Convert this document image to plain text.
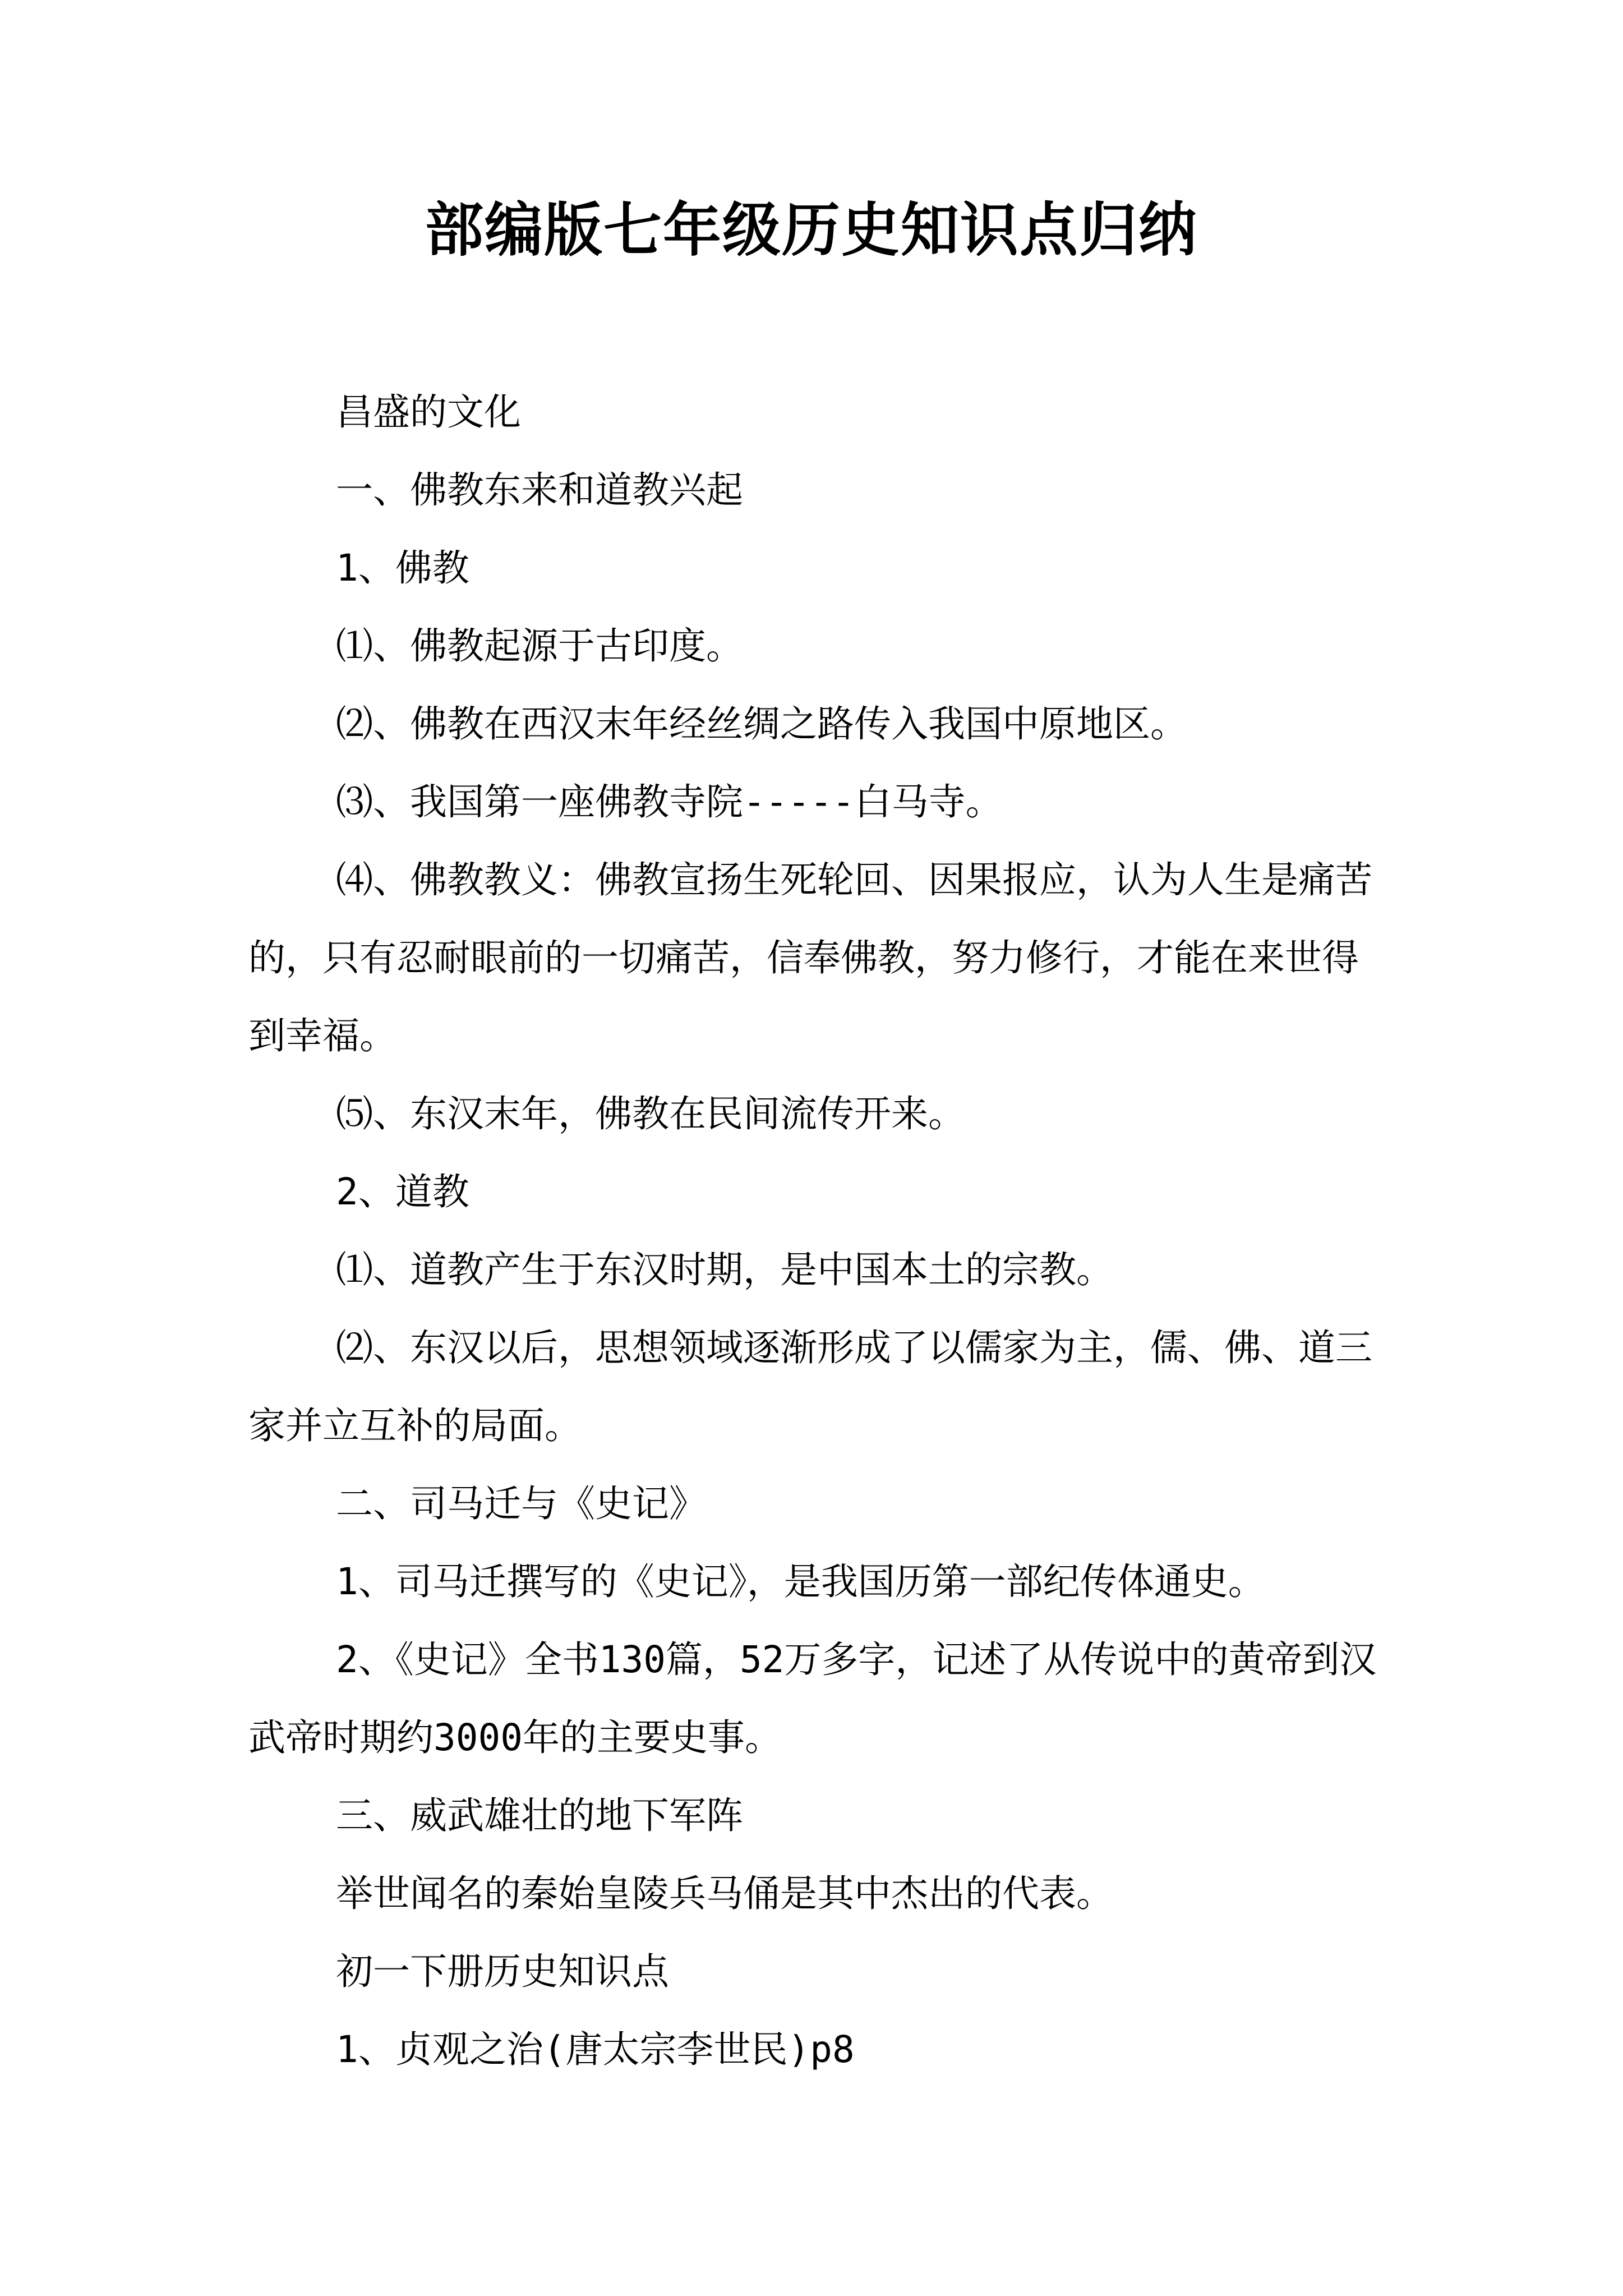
部编版七年级历史知识点归纳

昌盛的文化

一、佛教东来和道教兴起

1、佛教

⑴、佛教起源于古印度。

⑵、佛教在西汉末年经丝绸之路传入我国中原地区。

⑶、我国第一座佛教寺院-----白马寺。

⑷、佛教教义：佛教宣扬生死轮回、因果报应，认为人生是痛苦的，只有忍耐眼前的一切痛苦，信奉佛教，努力修行，才能在来世得到幸福。

⑸、东汉末年，佛教在民间流传开来。

2、道教

⑴、道教产生于东汉时期，是中国本土的宗教。

⑵、东汉以后，思想领域逐渐形成了以儒家为主，儒、佛、道三家并立互补的局面。

二、司马迁与《史记》

1、司马迁撰写的《史记》，是我国历第一部纪传体通史。

2、《史记》全书130篇，52万多字，记述了从传说中的黄帝到汉武帝时期约3000年的主要史事。

三、威武雄壮的地下军阵

举世闻名的秦始皇陵兵马俑是其中杰出的代表。

初一下册历史知识点

1、贞观之治(唐太宗李世民)p8
